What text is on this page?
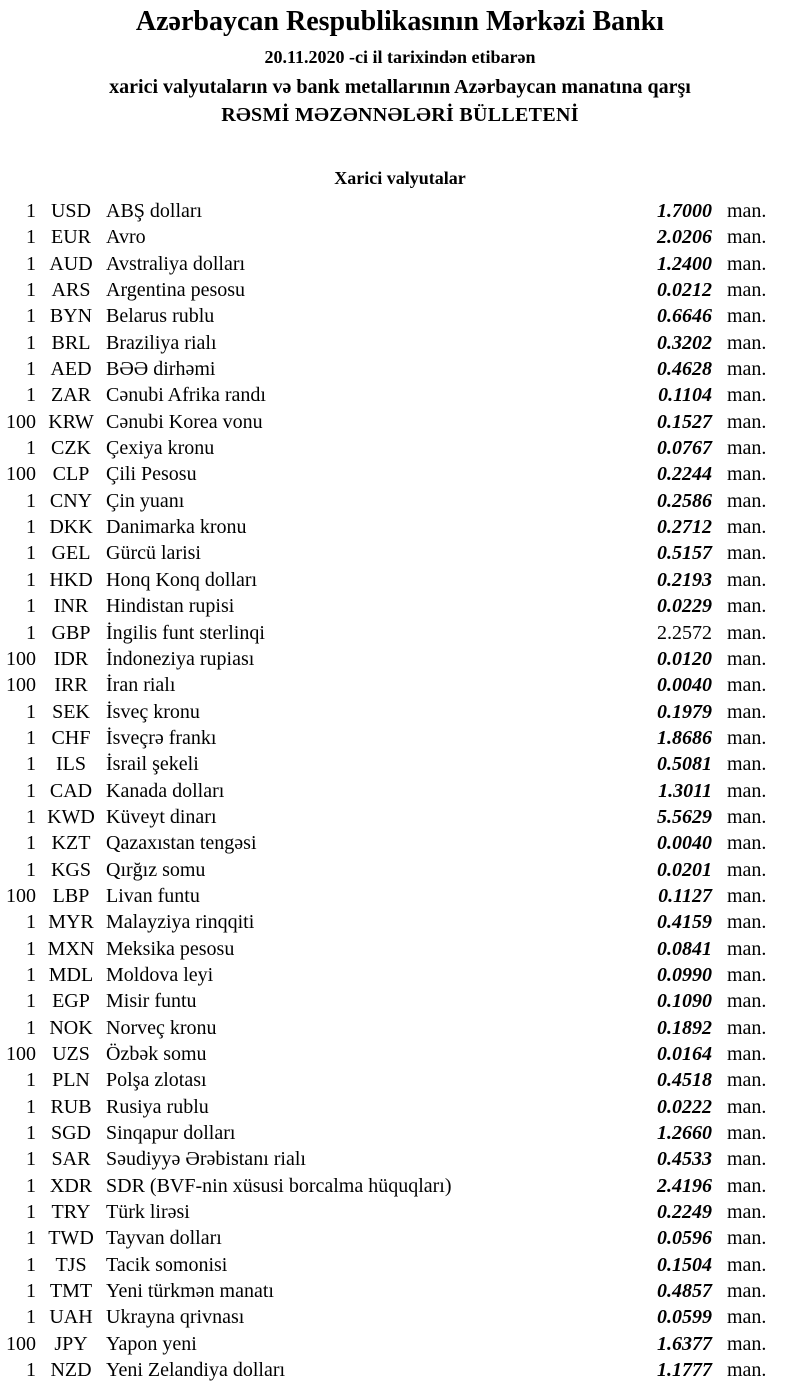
Azərbaycan Respublikasının Mərkəzi Bankı
20.11.2020 -ci il tarixindən etibarən
xarici valyutaların və bank metallarının Azərbaycan manatına qarşı
RƏSMİ MƏZƏNNƏLƏRİ BÜLLETENİ
Xarici valyutalar
1 USD ABŞ dolları	1.7000 man.
1 EUR Avro	2.0206 man.
1 AUD Avstraliya dolları	1.2400 man.
1 ARS Argentina pesosu	0.0212 man.
1 BYN Belarus rublu	0.6646 man.
1 BRL Braziliya rialı	0.3202 man.
1 AED BƏƏ dirhəmi	0.4628 man.
1 ZAR Cənubi Afrika randı	0.1104 man.
100 KRW Cənubi Korea vonu	0.1527 man.
1 CZK Çexiya kronu	0.0767 man.
100 CLP Çili Pesosu	0.2244 man.
1 CNY Çin yuanı	0.2586 man.
1 DKK Danimarka kronu	0.2712 man.
1 GEL Gürcü larisi	0.5157 man.
1 HKD Honq Konq dolları	0.2193 man.
1 INR Hindistan rupisi	0.0229 man.
1 GBP İngilis funt sterlinqi	2.2572 man.
100 IDR İndoneziya rupiası	0.0120 man.
100 IRR İran rialı	0.0040 man.
1 SEK İsveç kronu	0.1979 man.
1 CHF İsveçrə frankı	1.8686 man.
1	ILS	İsrail şekeli	0.5081 man.
1 CAD Kanada dolları	1.3011 man.
1 KWD Küveyt dinarı	5.5629 man.
1 KZT Qazaxıstan tengəsi	0.0040 man.
1 KGS Qırğız somu	0.0201 man.
100 LBP Livan funtu	0.1127 man.
1 MYR Malayziya rinqqiti	0.4159 man.
1 MXN Meksika pesosu	0.0841 man.
1 MDL Moldova leyi	0.0990 man.
1 EGP Misir funtu	0.1090 man.
1 NOK Norveç kronu	0.1892 man.
100 UZS Özbək somu	0.0164 man.
1 PLN Polşa zlotası	0.4518 man.
1 RUB Rusiya rublu	0.0222 man.
1 SGD Sinqapur dolları	1.2660 man.
1 SAR Səudiyyə Ərəbistanı rialı	0.4533 man.
1 XDR SDR (BVF-nin xüsusi borcalma hüquqları)	2.4196 man.
1 TRY Türk lirəsi	0.2249 man.
1 TWD Tayvan dolları	0.0596 man.
1 TJS Tacik somonisi	0.1504 man.
1 TMT Yeni türkmən manatı	0.4857 man.
1 UAH Ukrayna qrivnası	0.0599 man.
100 JPY Yapon yeni	1.6377 man.
1 NZD Yeni Zelandiya dolları	1.1777 man.
